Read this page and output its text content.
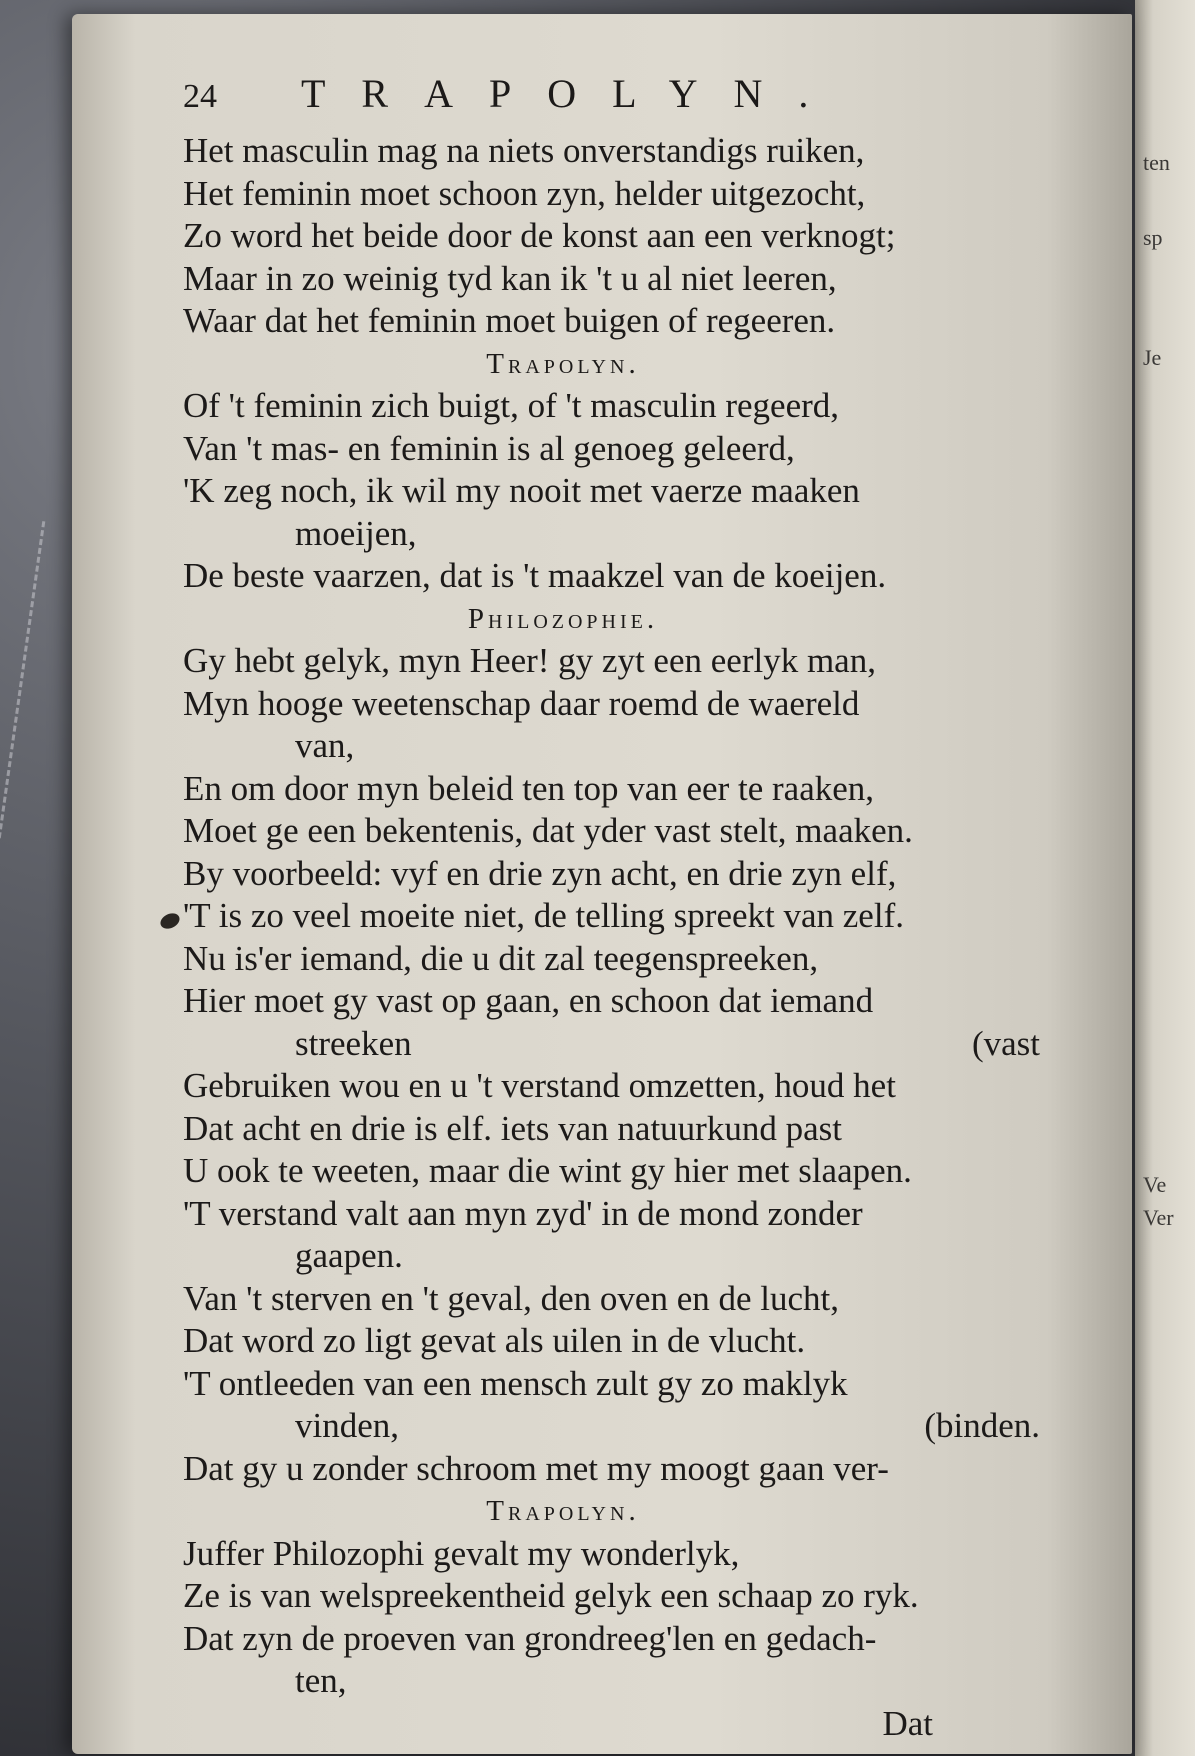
ten
sp
Je
Ve
Ver
24	TRAPOLYN.
Het masculin mag na niets onverstandigs ruiken,
Het feminin moet schoon zyn, helder uitgezocht,
Zo word het beide door de konst aan een verknogt;
Maar in zo weinig tyd kan ik 't u al niet leeren,
Waar dat het feminin moet buigen of regeeren.
Trapolyn.
Of 't feminin zich buigt, of 't masculin regeerd,
Van 't mas- en feminin is al genoeg geleerd,
'K zeg noch, ik wil my nooit met vaerze maaken
moeijen,
De beste vaarzen, dat is 't maakzel van de koeijen.
Philozophie.
Gy hebt gelyk, myn Heer! gy zyt een eerlyk man,
Myn hooge weetenschap daar roemd de waereld
van,
En om door myn beleid ten top van eer te raaken,
Moet ge een bekentenis, dat yder vast stelt, maaken.
By voorbeeld: vyf en drie zyn acht, en drie zyn elf,
'T is zo veel moeite niet, de telling spreekt van zelf.
Nu is'er iemand, die u dit zal teegenspreeken,
Hier moet gy vast op gaan, en schoon dat iemand
streeken	(vast
Gebruiken wou en u 't verstand omzetten, houd het
Dat acht en drie is elf. iets van natuurkund past
U ook te weeten, maar die wint gy hier met slaapen.
'T verstand valt aan myn zyd' in de mond zonder
gaapen.
Van 't sterven en 't geval, den oven en de lucht,
Dat word zo ligt gevat als uilen in de vlucht.
'T ontleeden van een mensch zult gy zo maklyk
vinden,	(binden.
Dat gy u zonder schroom met my moogt gaan ver-
Trapolyn.
Juffer Philozophi gevalt my wonderlyk,
Ze is van welspreekentheid gelyk een schaap zo ryk.
Dat zyn de proeven van grondreeg'len en gedach-
ten,
Dat
